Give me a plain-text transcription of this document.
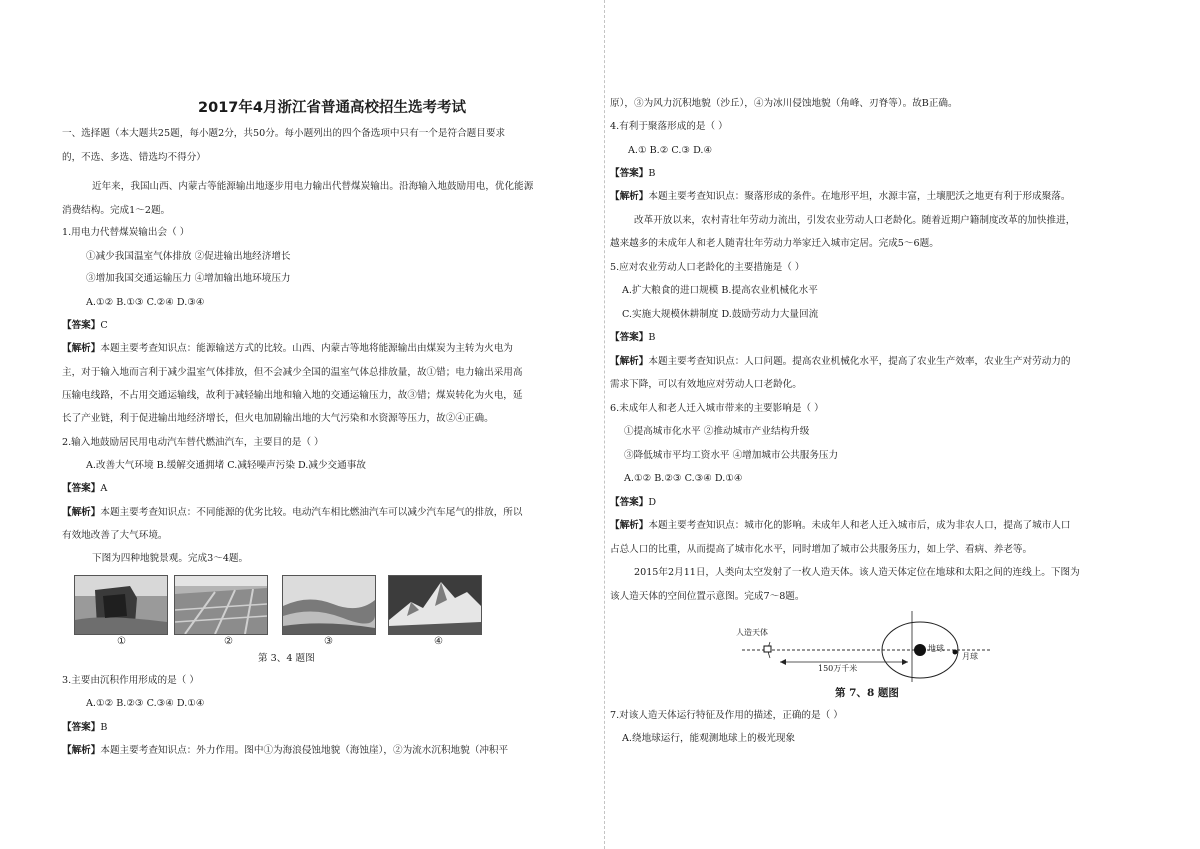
2017年4月浙江省普通高校招生选考考试
一、选择题（本大题共25题，每小题2分，共50分。每小题列出的四个备选项中只有一个是符合题目要求
的，不选、多选、错选均不得分）
近年来，我国山西、内蒙古等能源输出地逐步用电力输出代替煤炭输出。沿海输入地鼓励用电，优化能源
消费结构。完成1～2题。
1.用电力代替煤炭输出会（ ）
①减少我国温室气体排放 ②促进输出地经济增长
③增加我国交通运输压力 ④增加输出地环境压力
A.①② B.①③ C.②④ D.③④
【答案】C
【解析】本题主要考查知识点：能源输送方式的比较。山西、内蒙古等地将能源输出由煤炭为主转为火电为
主，对于输入地而言利于减少温室气体排放，但不会减少全国的温室气体总排放量，故①错；电力输出采用高
压输电线路，不占用交通运输线，故利于减轻输出地和输入地的交通运输压力，故③错；煤炭转化为火电，延
长了产业链，利于促进输出地经济增长，但火电加剧输出地的大气污染和水资源等压力，故②④正确。
2.输入地鼓励居民用电动汽车替代燃油汽车，主要目的是（ ）
A.改善大气环境 B.缓解交通拥堵 C.减轻噪声污染 D.减少交通事故
【答案】A
【解析】本题主要考查知识点：不同能源的优劣比较。电动汽车相比燃油汽车可以减少汽车尾气的排放，所以
有效地改善了大气环境。
下图为四种地貌景观。完成3～4题。
①	②	③	④
第 3、4 题图
3.主要由沉积作用形成的是（ ）
A.①② B.②③ C.③④ D.①④
【答案】B
【解析】本题主要考查知识点：外力作用。图中①为海浪侵蚀地貌（海蚀崖），②为流水沉积地貌（冲积平
原），③为风力沉积地貌（沙丘），④为冰川侵蚀地貌（角峰、刃脊等）。故B正确。
4.有利于聚落形成的是（ ）
A.① B.② C.③ D.④
【答案】B
【解析】本题主要考查知识点：聚落形成的条件。在地形平坦，水源丰富，土壤肥沃之地更有利于形成聚落。
改革开放以来，农村青壮年劳动力流出，引发农业劳动人口老龄化。随着近期户籍制度改革的加快推进，
越来越多的未成年人和老人随青壮年劳动力举家迁入城市定居。完成5～6题。
5.应对农业劳动人口老龄化的主要措施是（ ）
A.扩大粮食的进口规模 B.提高农业机械化水平
C.实施大规模休耕制度 D.鼓励劳动力大量回流
【答案】B
【解析】本题主要考查知识点：人口问题。提高农业机械化水平，提高了农业生产效率，农业生产对劳动力的
需求下降，可以有效地应对劳动人口老龄化。
6.未成年人和老人迁入城市带来的主要影响是（ ）
①提高城市化水平 ②推动城市产业结构升级
③降低城市平均工资水平 ④增加城市公共服务压力
A.①② B.②③ C.③④ D.①④
【答案】D
【解析】本题主要考查知识点：城市化的影响。未成年人和老人迁入城市后，成为非农人口，提高了城市人口
占总人口的比重，从而提高了城市化水平，同时增加了城市公共服务压力，如上学、看病、养老等。
2015年2月11日，人类向太空发射了一枚人造天体。该人造天体定位在地球和太阳之间的连线上。下图为
该人造天体的空间位置示意图。完成7～8题。
人造天体
地球
月球
150万千米
第 7、8 题图
7.对该人造天体运行特征及作用的描述，正确的是（ ）
A.绕地球运行，能观测地球上的极光现象
